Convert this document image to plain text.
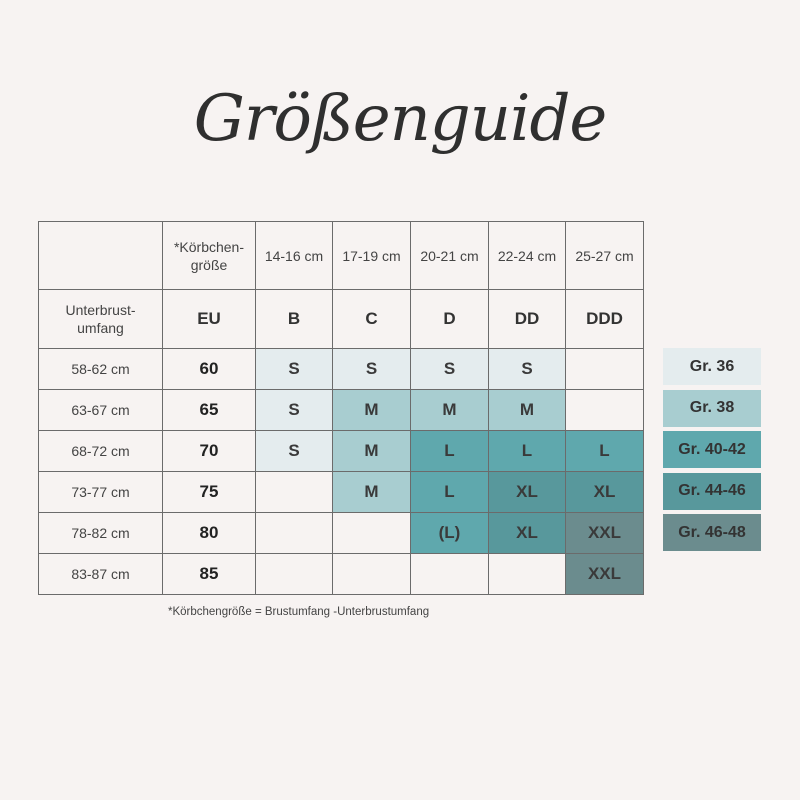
Größenguide
	*Körbchen-
größe	14-16 cm	17-19 cm	20-21 cm	22-24 cm	25-27 cm
Unterbrust-
umfang	EU	B	C	D	DD	DDD
58-62 cm	60	S	S	S	S	
63-67 cm	65	S	M	M	M	
68-72 cm	70	S	M	L	L	L
73-77 cm	75		M	L	XL	XL
78-82 cm	80			(L)	XL	XXL
83-87 cm	85					XXL
*Körbchengröße = Brustumfang -Unterbrustumfang
Gr. 36
Gr. 38
Gr. 40-42
Gr. 44-46
Gr. 46-48
